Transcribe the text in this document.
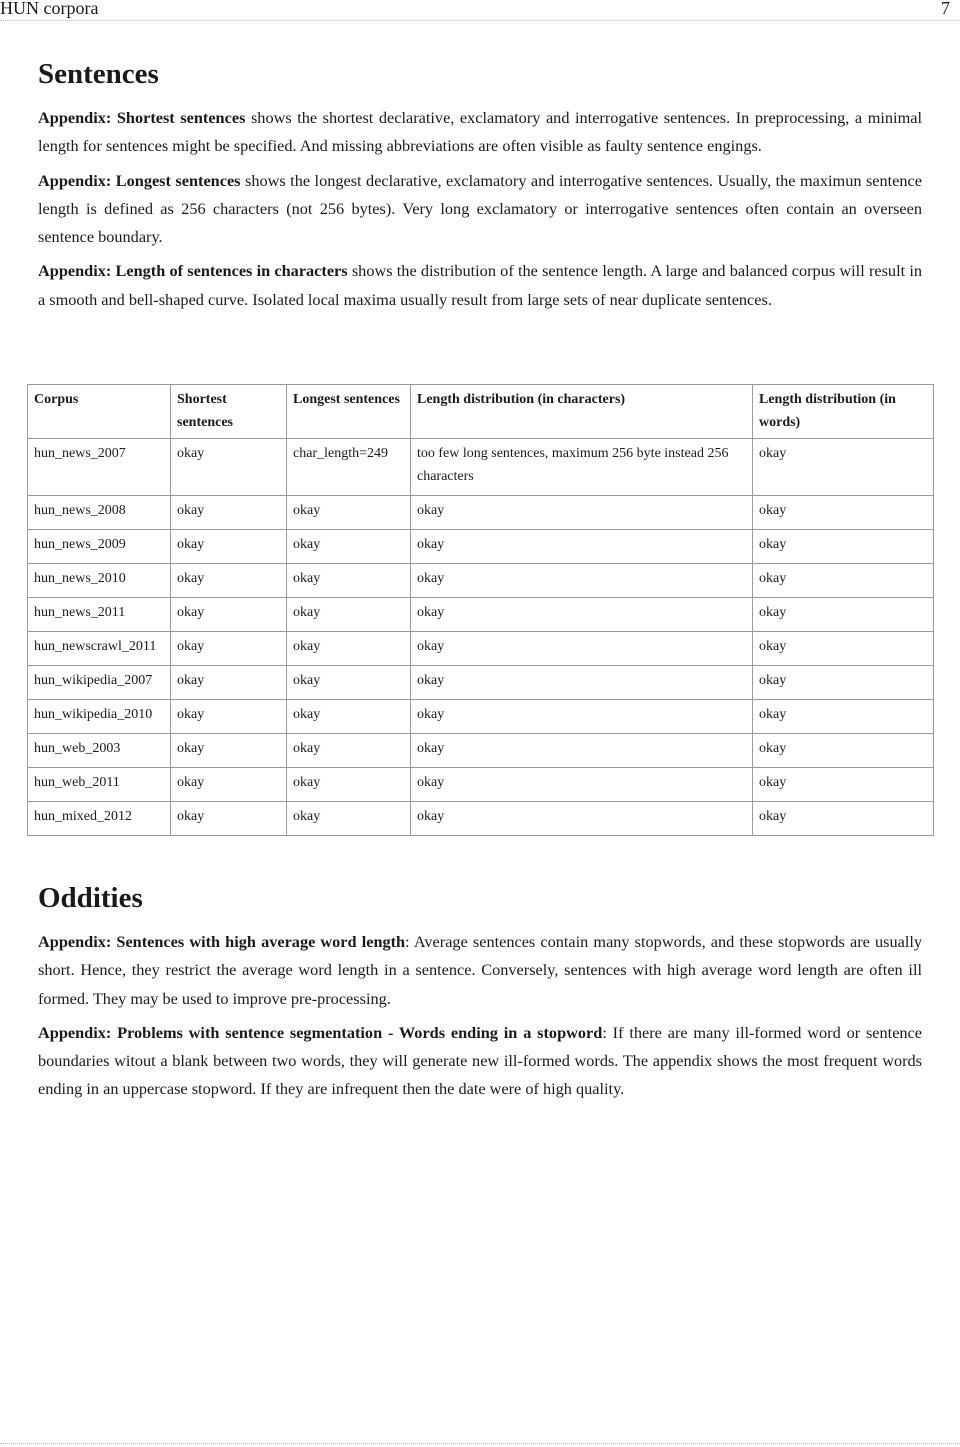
HUN corpora	7
Sentences

Appendix: Shortest sentences shows the shortest declarative, exclamatory and interrogative sentences. In preprocessing, a minimal length for sentences might be specified. And missing abbreviations are often visible as faulty sentence engings.

Appendix: Longest sentences shows the longest declarative, exclamatory and interrogative sentences. Usually, the maximun sentence length is defined as 256 characters (not 256 bytes). Very long exclamatory or interrogative sentences often contain an overseen sentence boundary.

Appendix: Length of sentences in characters shows the distribution of the sentence length. A large and balanced corpus will result in a smooth and bell-shaped curve. Isolated local maxima usually result from large sets of near duplicate sentences.

Corpus	Shortest sentences	Longest sentences	Length distribution (in characters)	Length distribution (in words)
hun_news_2007	okay	char_length=249	too few long sentences, maximum 256 byte instead 256 characters	okay
hun_news_2008	okay	okay	okay	okay
hun_news_2009	okay	okay	okay	okay
hun_news_2010	okay	okay	okay	okay
hun_news_2011	okay	okay	okay	okay
hun_newscrawl_2011	okay	okay	okay	okay
hun_wikipedia_2007	okay	okay	okay	okay
hun_wikipedia_2010	okay	okay	okay	okay
hun_web_2003	okay	okay	okay	okay
hun_web_2011	okay	okay	okay	okay
hun_mixed_2012	okay	okay	okay	okay
Oddities

Appendix: Sentences with high average word length: Average sentences contain many stopwords, and these stopwords are usually short. Hence, they restrict the average word length in a sentence. Conversely, sentences with high average word length are often ill formed. They may be used to improve pre-processing.

Appendix: Problems with sentence segmentation - Words ending in a stopword: If there are many ill-formed word or sentence boundaries witout a blank between two words, they will generate new ill-formed words. The appendix shows the most frequent words ending in an uppercase stopword. If they are infrequent then the date were of high quality.
